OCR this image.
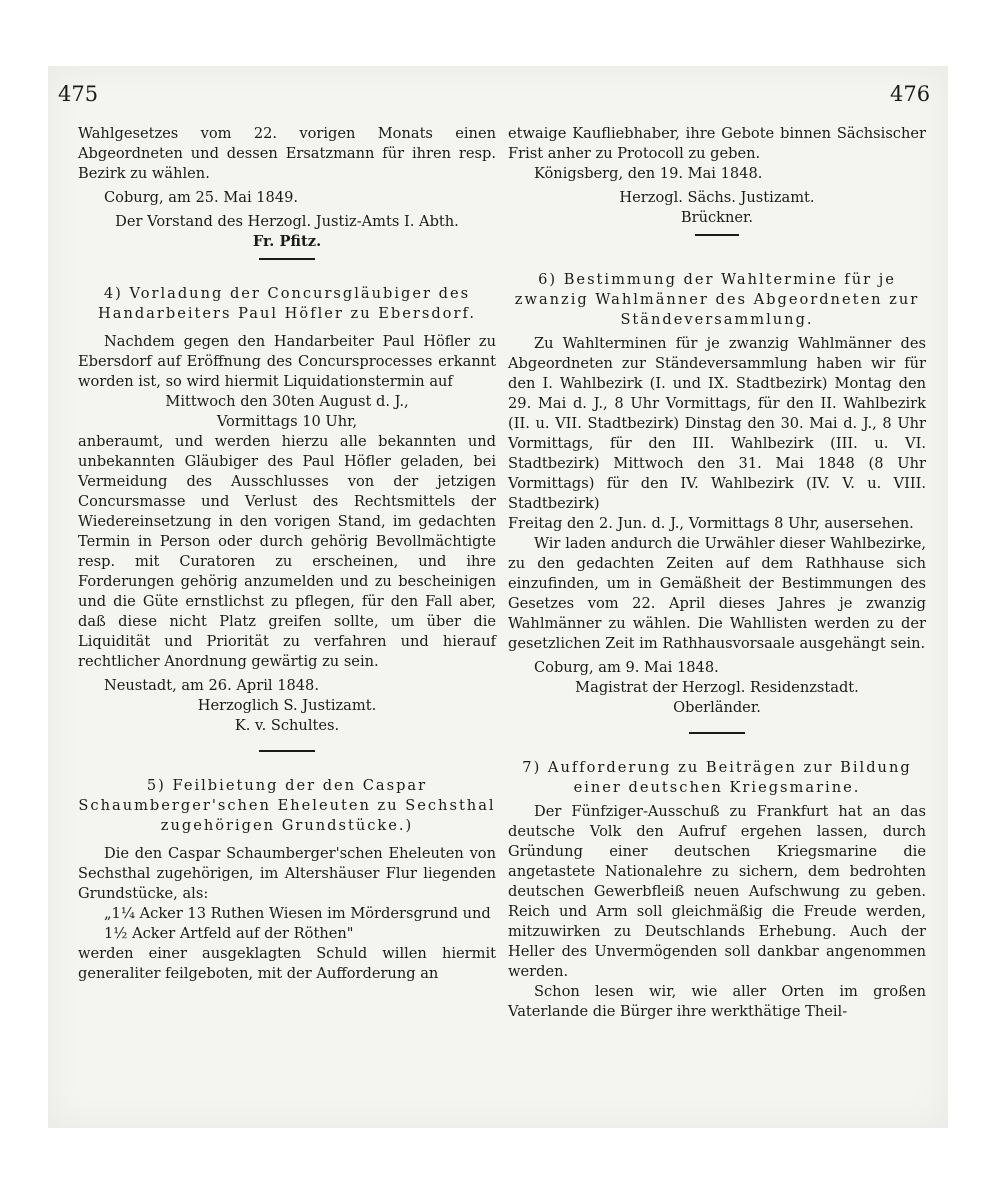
475	476

Wahlgesetzes vom 22. vorigen Monats einen Abgeordneten und dessen Ersatzmann für ihren resp. Bezirk zu wählen.

Coburg, am 25. Mai 1849.

Der Vorstand des Herzogl. Justiz-Amts I. Abth.

Fr. Pfitz.

4) Vorladung der Concursgläubiger des Handarbeiters Paul Höfler zu Ebersdorf.

Nachdem gegen den Handarbeiter Paul Höfler zu Ebersdorf auf Eröffnung des Concursprocesses erkannt worden ist, so wird hiermit Liquidationstermin auf

Mittwoch den 30ten August d. J.,

Vormittags 10 Uhr,

anberaumt, und werden hierzu alle bekannten und unbekannten Gläubiger des Paul Höfler geladen, bei Vermeidung des Ausschlusses von der jetzigen Concursmasse und Verlust des Rechtsmittels der Wiedereinsetzung in den vorigen Stand, im gedachten Termin in Person oder durch gehörig Bevollmächtigte resp. mit Curatoren zu erscheinen, und ihre Forderungen gehörig anzumelden und zu bescheinigen und die Güte ernstlichst zu pflegen, für den Fall aber, daß diese nicht Platz greifen sollte, um über die Liquidität und Priorität zu verfahren und hierauf rechtlicher Anordnung gewärtig zu sein.

Neustadt, am 26. April 1848.

Herzoglich S. Justizamt.

K. v. Schultes.

5) Feilbietung der den Caspar Schaumberger'schen Eheleuten zu Sechsthal zugehörigen Grundstücke.)

Die den Caspar Schaumberger'schen Eheleuten von Sechsthal zugehörigen, im Altershäuser Flur liegenden Grundstücke, als:

„1¼ Acker 13 Ruthen Wiesen im Mördersgrund und

1½ Acker Artfeld auf der Röthen"

werden einer ausgeklagten Schuld willen hiermit generaliter feilgeboten, mit der Aufforderung an

etwaige Kaufliebhaber, ihre Gebote binnen Sächsischer Frist anher zu Protocoll zu geben.

Königsberg, den 19. Mai 1848.

Herzogl. Sächs. Justizamt.

Brückner.

6) Bestimmung der Wahltermine für je zwanzig Wahlmänner des Abgeordneten zur Ständeversammlung.

Zu Wahlterminen für je zwanzig Wahlmänner des Abgeordneten zur Ständeversammlung haben wir für den I. Wahlbezirk (I. und IX. Stadtbezirk) Montag den 29. Mai d. J., 8 Uhr Vormittags, für den II. Wahlbezirk (II. u. VII. Stadtbezirk) Dinstag den 30. Mai d. J., 8 Uhr Vormittags, für den III. Wahlbezirk (III. u. VI. Stadtbezirk) Mittwoch den 31. Mai 1848 (8 Uhr Vormittags) für den IV. Wahlbezirk (IV. V. u. VIII. Stadtbezirk)

Freitag den 2. Jun. d. J., Vormittags 8 Uhr, ausersehen.

Wir laden andurch die Urwähler dieser Wahlbezirke, zu den gedachten Zeiten auf dem Rathhause sich einzufinden, um in Gemäßheit der Bestimmungen des Gesetzes vom 22. April dieses Jahres je zwanzig Wahlmänner zu wählen. Die Wahllisten werden zu der gesetzlichen Zeit im Rathhausvorsaale ausgehängt sein.

Coburg, am 9. Mai 1848.

Magistrat der Herzogl. Residenzstadt.

Oberländer.

7) Aufforderung zu Beiträgen zur Bildung einer deutschen Kriegsmarine.

Der Fünfziger-Ausschuß zu Frankfurt hat an das deutsche Volk den Aufruf ergehen lassen, durch Gründung einer deutschen Kriegsmarine die angetastete Nationalehre zu sichern, dem bedrohten deutschen Gewerbfleiß neuen Aufschwung zu geben. Reich und Arm soll gleichmäßig die Freude werden, mitzuwirken zu Deutschlands Erhebung. Auch der Heller des Unvermögenden soll dankbar angenommen werden.

Schon lesen wir, wie aller Orten im großen Vaterlande die Bürger ihre werkthätige Theil-
